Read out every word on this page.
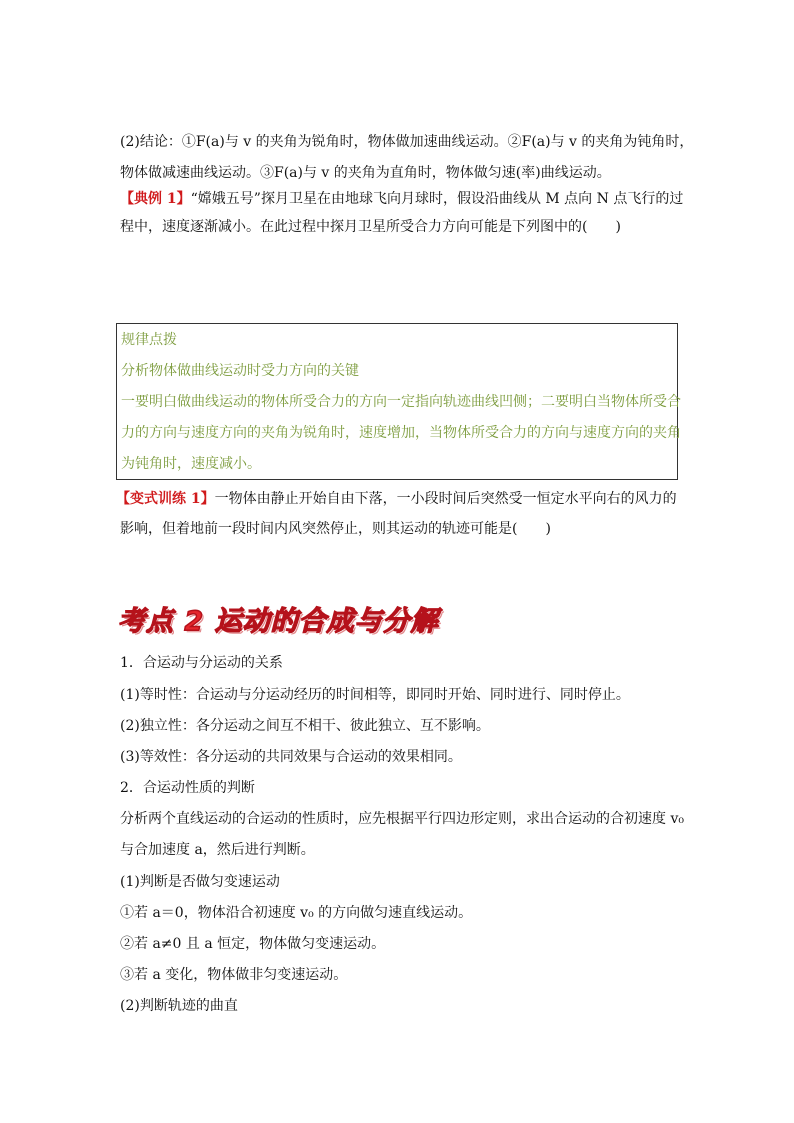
(2)结论：①F(a)与 v 的夹角为锐角时，物体做加速曲线运动。②F(a)与 v 的夹角为钝角时，
物体做减速曲线运动。③F(a)与 v 的夹角为直角时，物体做匀速(率)曲线运动。
【典例 1】“嫦娥五号”探月卫星在由地球飞向月球时，假设沿曲线从 M 点向 N 点飞行的过
程中，速度逐渐减小。在此过程中探月卫星所受合力方向可能是下列图中的(　　)
规律点拨
分析物体做曲线运动时受力方向的关键
一要明白做曲线运动的物体所受合力的方向一定指向轨迹曲线凹侧；二要明白当物体所受合
力的方向与速度方向的夹角为锐角时，速度增加，当物体所受合力的方向与速度方向的夹角
为钝角时，速度减小。
【变式训练 1】一物体由静止开始自由下落，一小段时间后突然受一恒定水平向右的风力的
影响，但着地前一段时间内风突然停止，则其运动的轨迹可能是(　　)
考点 2 运动的合成与分解
1．合运动与分运动的关系
(1)等时性：合运动与分运动经历的时间相等，即同时开始、同时进行、同时停止。
(2)独立性：各分运动之间互不相干、彼此独立、互不影响。
(3)等效性：各分运动的共同效果与合运动的效果相同。
2．合运动性质的判断
分析两个直线运动的合运动的性质时，应先根据平行四边形定则，求出合运动的合初速度 v₀
与合加速度 a，然后进行判断。
(1)判断是否做匀变速运动
①若 a＝0，物体沿合初速度 v₀ 的方向做匀速直线运动。
②若 a≠0 且 a 恒定，物体做匀变速运动。
③若 a 变化，物体做非匀变速运动。
(2)判断轨迹的曲直
